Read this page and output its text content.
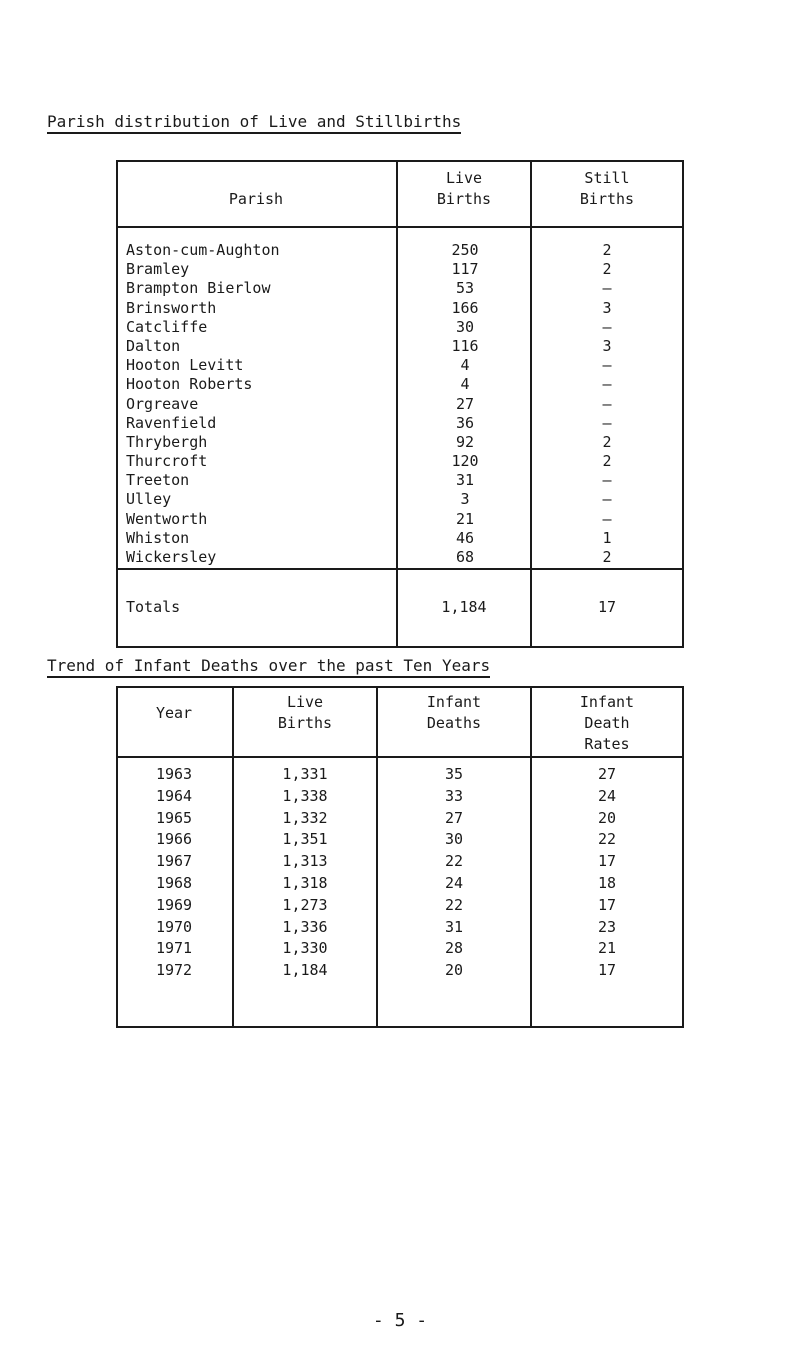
Parish distribution of Live and Stillbirths
Parish
Live
Births
Still
Births
Aston-cum-Aughton
Bramley
Brampton Bierlow
Brinsworth
Catcliffe
Dalton
Hooton Levitt
Hooton Roberts
Orgreave
Ravenfield
Thrybergh
Thurcroft
Treeton
Ulley
Wentworth
Whiston
Wickersley
250
117
53
166
30
116
4
4
27
36
92
120
31
3
21
46
68
2
2
–
3
–
3
–
–
–
–
2
2
–
–
–
1
2
Totals	1,184	17
Trend of Infant Deaths over the past Ten Years
Year
Live
Births
Infant
Deaths
Infant
Death
Rates
1963
1964
1965
1966
1967
1968
1969
1970
1971
1972
1,331
1,338
1,332
1,351
1,313
1,318
1,273
1,336
1,330
1,184
35
33
27
30
22
24
22
31
28
20
27
24
20
22
17
18
17
23
21
17
- 5 -
